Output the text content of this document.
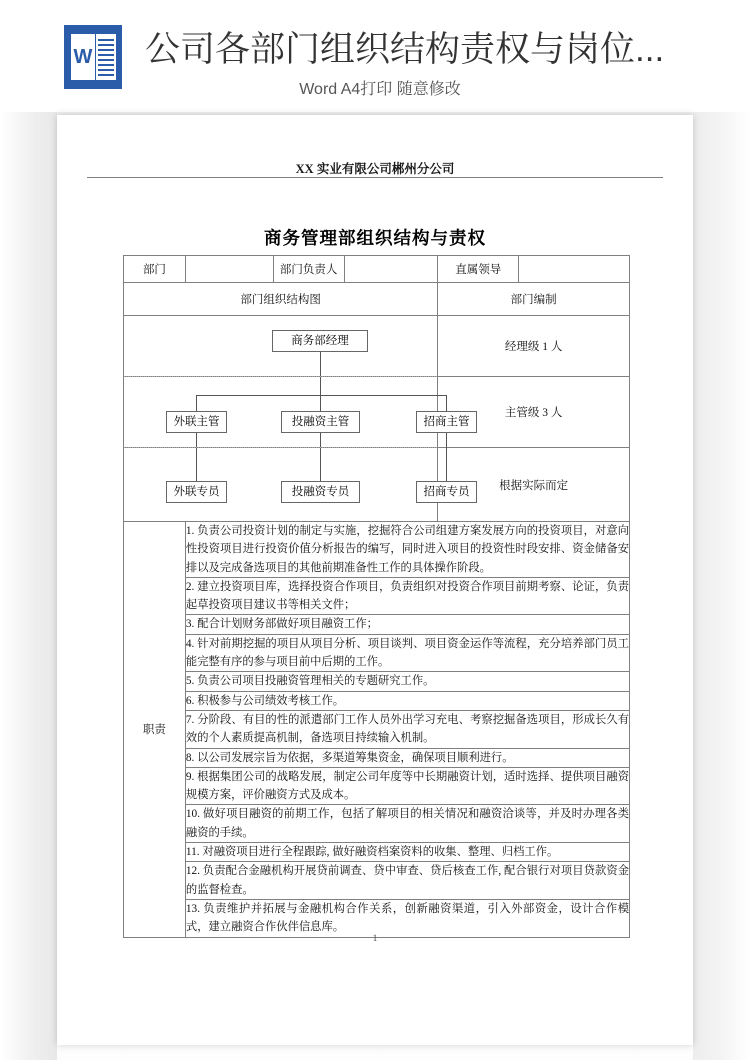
W 公司各部门组织结构责权与岗位...
Word A4打印 随意修改
XX 实业有限公司郴州分公司
商务管理部组织结构与责权
部门		部门负责人		直属领导	
部门组织结构图				部门编制	

商务部经理				经理级 1 人	

外联主管 投融资主管 招商主管				主管级 3 人	

外联专员 投融资专员 招商专员				根据实际而定	
职责	1. 负责公司投资计划的制定与实施，挖掘符合公司组建方案发展方向的投资项目，对意向性投资项目进行投资价值分析报告的编写，同时进入项目的投资性时段安排、资金储备安排以及完成备选项目的其他前期准备性工作的具体操作阶段。				
	2. 建立投资项目库，选择投资合作项目，负责组织对投资合作项目前期考察、论证，负责起草投资项目建议书等相关文件；				
	3. 配合计划财务部做好项目融资工作；				
	4. 针对前期挖掘的项目从项目分析、项目谈判、项目资金运作等流程，充分培养部门员工能完整有序的参与项目前中后期的工作。				
	5. 负责公司项目投融资管理相关的专题研究工作。				
	6. 积极参与公司绩效考核工作。				
	7. 分阶段、有目的性的派遣部门工作人员外出学习充电、考察挖掘备选项目，形成长久有效的个人素质提高机制，备选项目持续输入机制。				
	8. 以公司发展宗旨为依据，多渠道筹集资金，确保项目顺利进行。				
	9. 根据集团公司的战略发展，制定公司年度等中长期融资计划，适时选择、提供项目融资规模方案，评价融资方式及成本。				
	10. 做好项目融资的前期工作，包括了解项目的相关情况和融资洽谈等，并及时办理各类融资的手续。				
	11. 对融资项目进行全程跟踪, 做好融资档案资料的收集、整理、归档工作。				
	12. 负责配合金融机构开展贷前调查、贷中审查、贷后核查工作, 配合银行对项目贷款资金的监督检查。				
	13. 负责维护并拓展与金融机构合作关系，创新融资渠道，引入外部资金，设计合作模式，建立融资合作伙伴信息库。				
1
